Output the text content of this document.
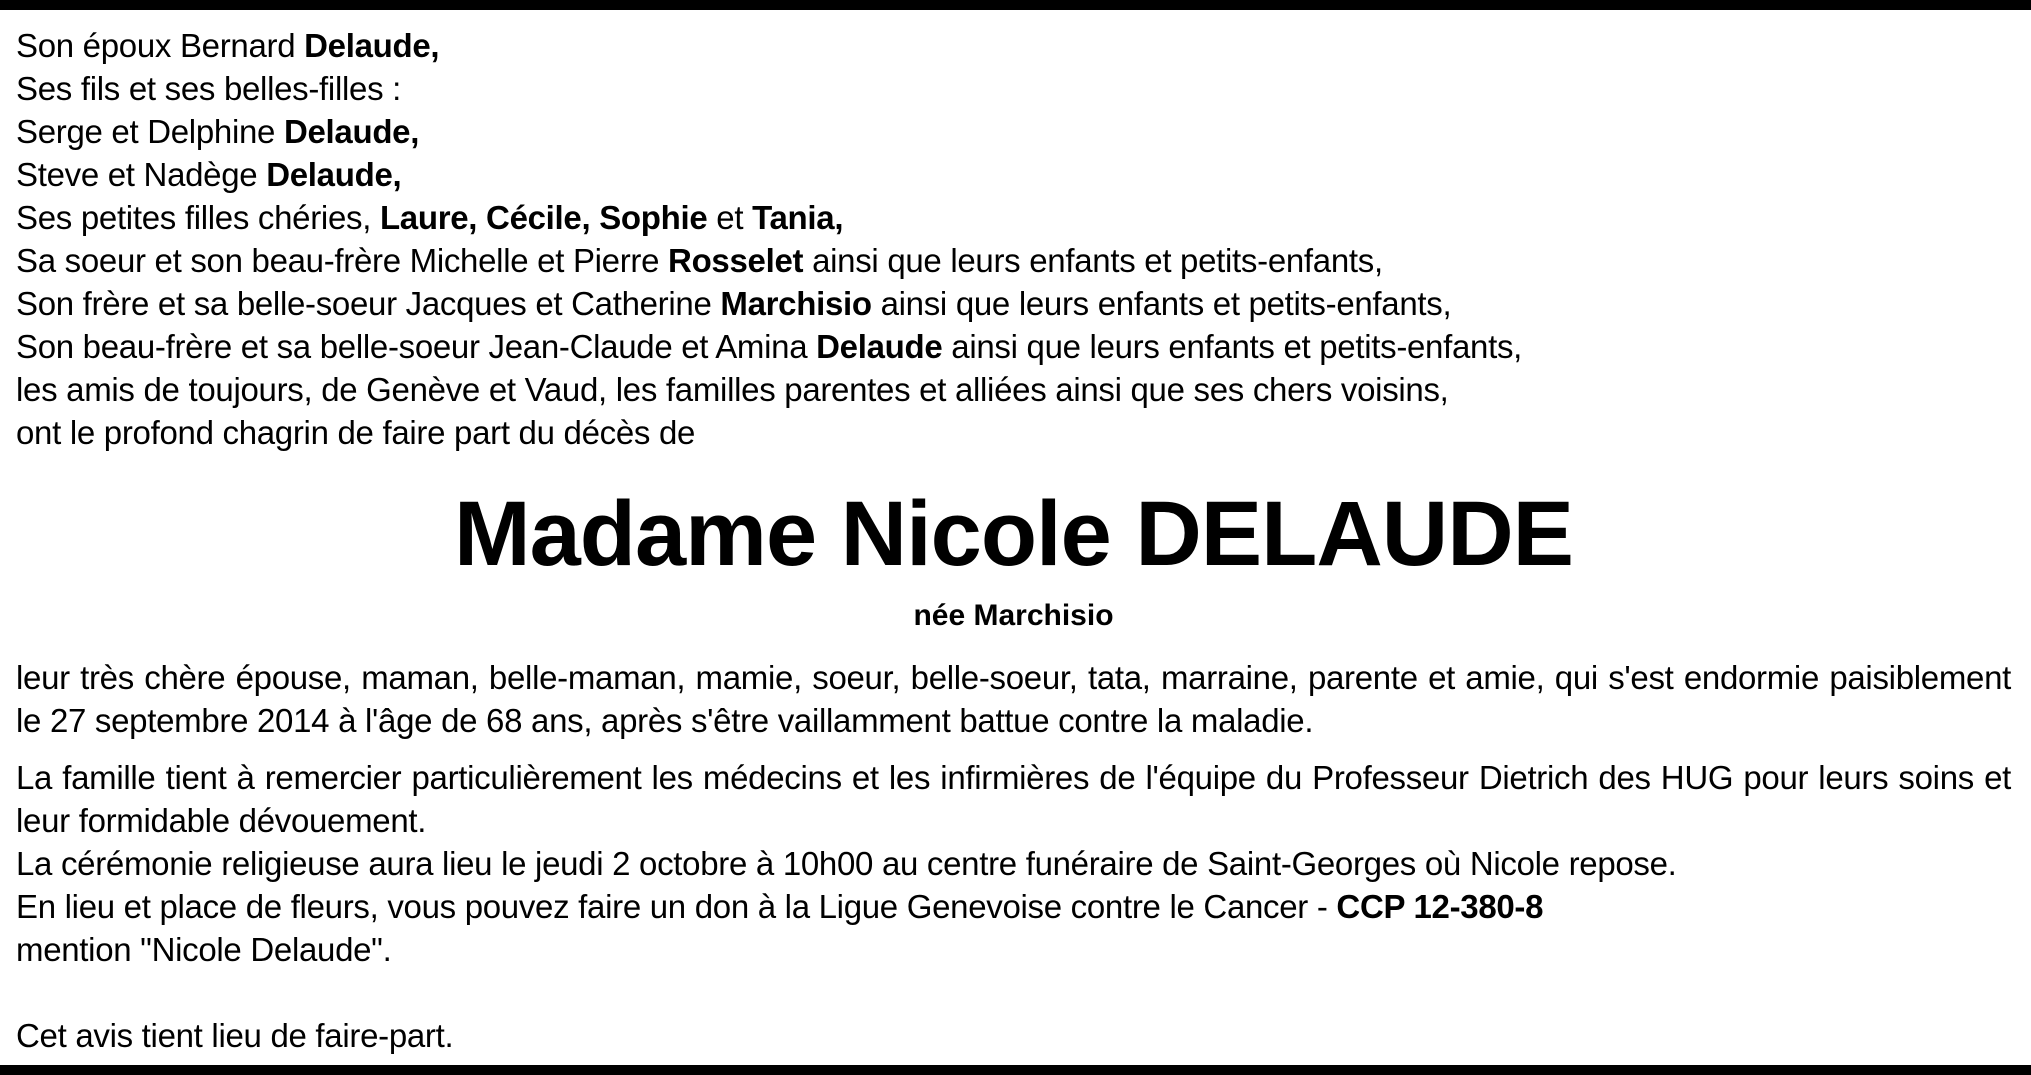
Son époux Bernard Delaude,
Ses fils et ses belles-filles :
Serge et Delphine Delaude,
Steve et Nadège Delaude,
Ses petites filles chéries, Laure, Cécile, Sophie et Tania,
Sa soeur et son beau-frère Michelle et Pierre Rosselet ainsi que leurs enfants et petits-enfants,
Son frère et sa belle-soeur Jacques et Catherine Marchisio ainsi que leurs enfants et petits-enfants,
Son beau-frère et sa belle-soeur Jean-Claude et Amina Delaude ainsi que leurs enfants et petits-enfants,
les amis de toujours, de Genève et Vaud, les familles parentes et alliées ainsi que ses chers voisins,
ont le profond chagrin de faire part du décès de
Madame Nicole DELAUDE
née Marchisio

leur très chère épouse, maman, belle-maman, mamie, soeur, belle-soeur, tata, marraine, parente et amie, qui s'est endormie paisiblement le 27 septembre 2014 à l'âge de 68 ans, après s'être vaillamment battue contre la maladie.

La famille tient à remercier particulièrement les médecins et les infirmières de l'équipe du Professeur Dietrich des HUG pour leurs soins et leur formidable dévouement.

La cérémonie religieuse aura lieu le jeudi 2 octobre à 10h00 au centre funéraire de Saint-Georges où Nicole repose.

En lieu et place de fleurs, vous pouvez faire un don à la Ligue Genevoise contre le Cancer - CCP 12-380-8
mention "Nicole Delaude".

Cet avis tient lieu de faire-part.
